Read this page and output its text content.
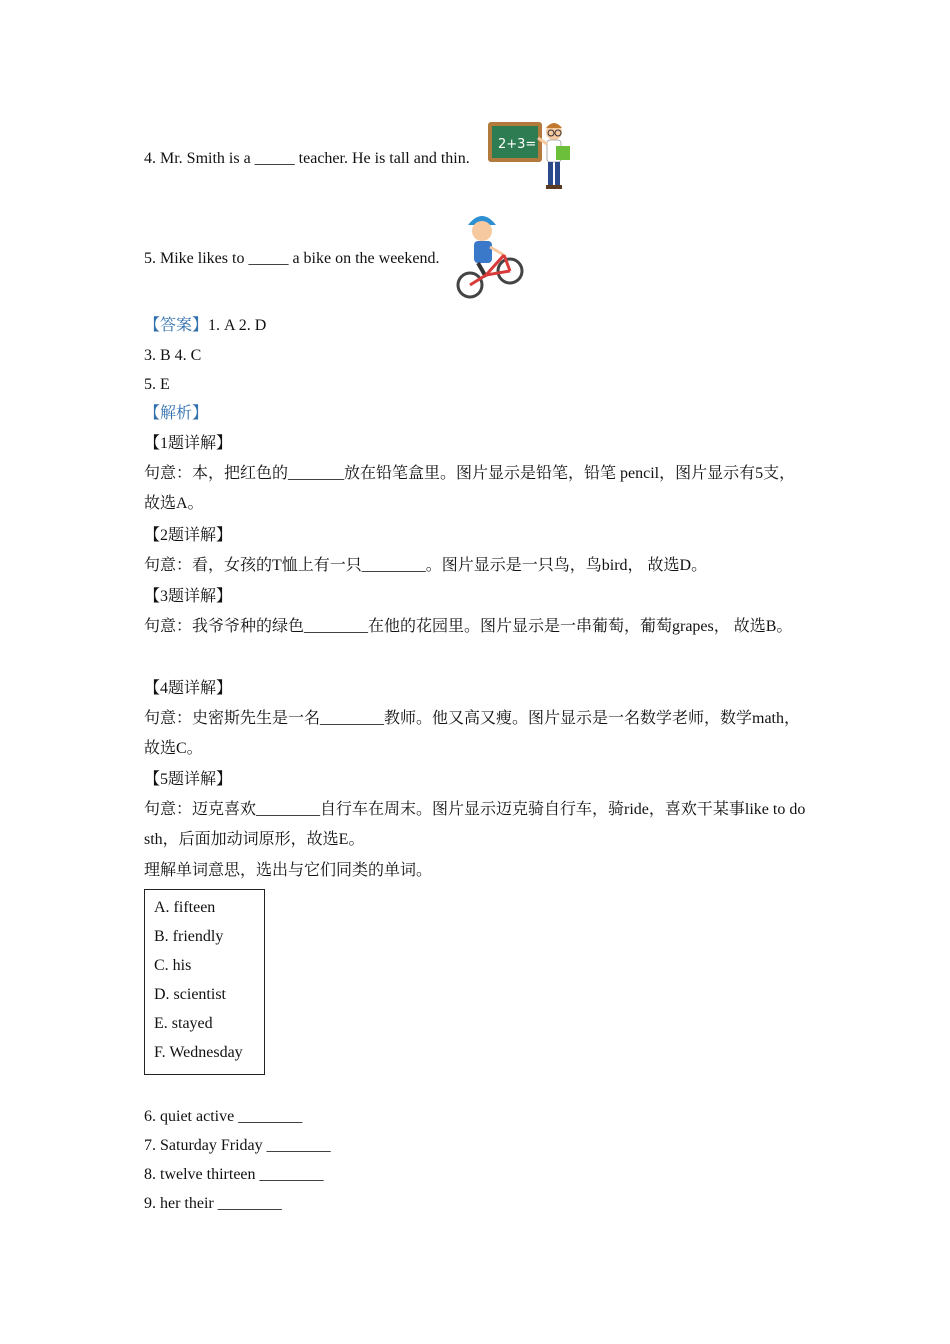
4. Mr. Smith is a _____ teacher. He is tall and thin.
2+3=
5. Mike likes to _____ a bike on the weekend.
【答案】1. A 2. D
3. B 4. C
5. E
【解析】
【1题详解】
句意：本，把红色的_______放在铅笔盒里。图片显示是铅笔，铅笔 pencil，图片显示有5支， 故选A。
【2题详解】
句意：看，女孩的T恤上有一只________。图片显示是一只鸟，鸟bird， 故选D。
【3题详解】
句意：我爷爷种的绿色________在他的花园里。图片显示是一串葡萄，葡萄grapes， 故选B。
【4题详解】
句意：史密斯先生是一名________教师。他又高又瘦。图片显示是一名数学老师，数学math， 故选C。
【5题详解】
句意：迈克喜欢________自行车在周末。图片显示迈克骑自行车，骑ride，喜欢干某事like to do sth，后面加动词原形，故选E。
理解单词意思，选出与它们同类的单词。
A. fifteen
B. friendly
C. his
D. scientist
E. stayed
F. Wednesday
6. quiet active ________
7. Saturday Friday ________
8. twelve thirteen ________
9. her their ________
